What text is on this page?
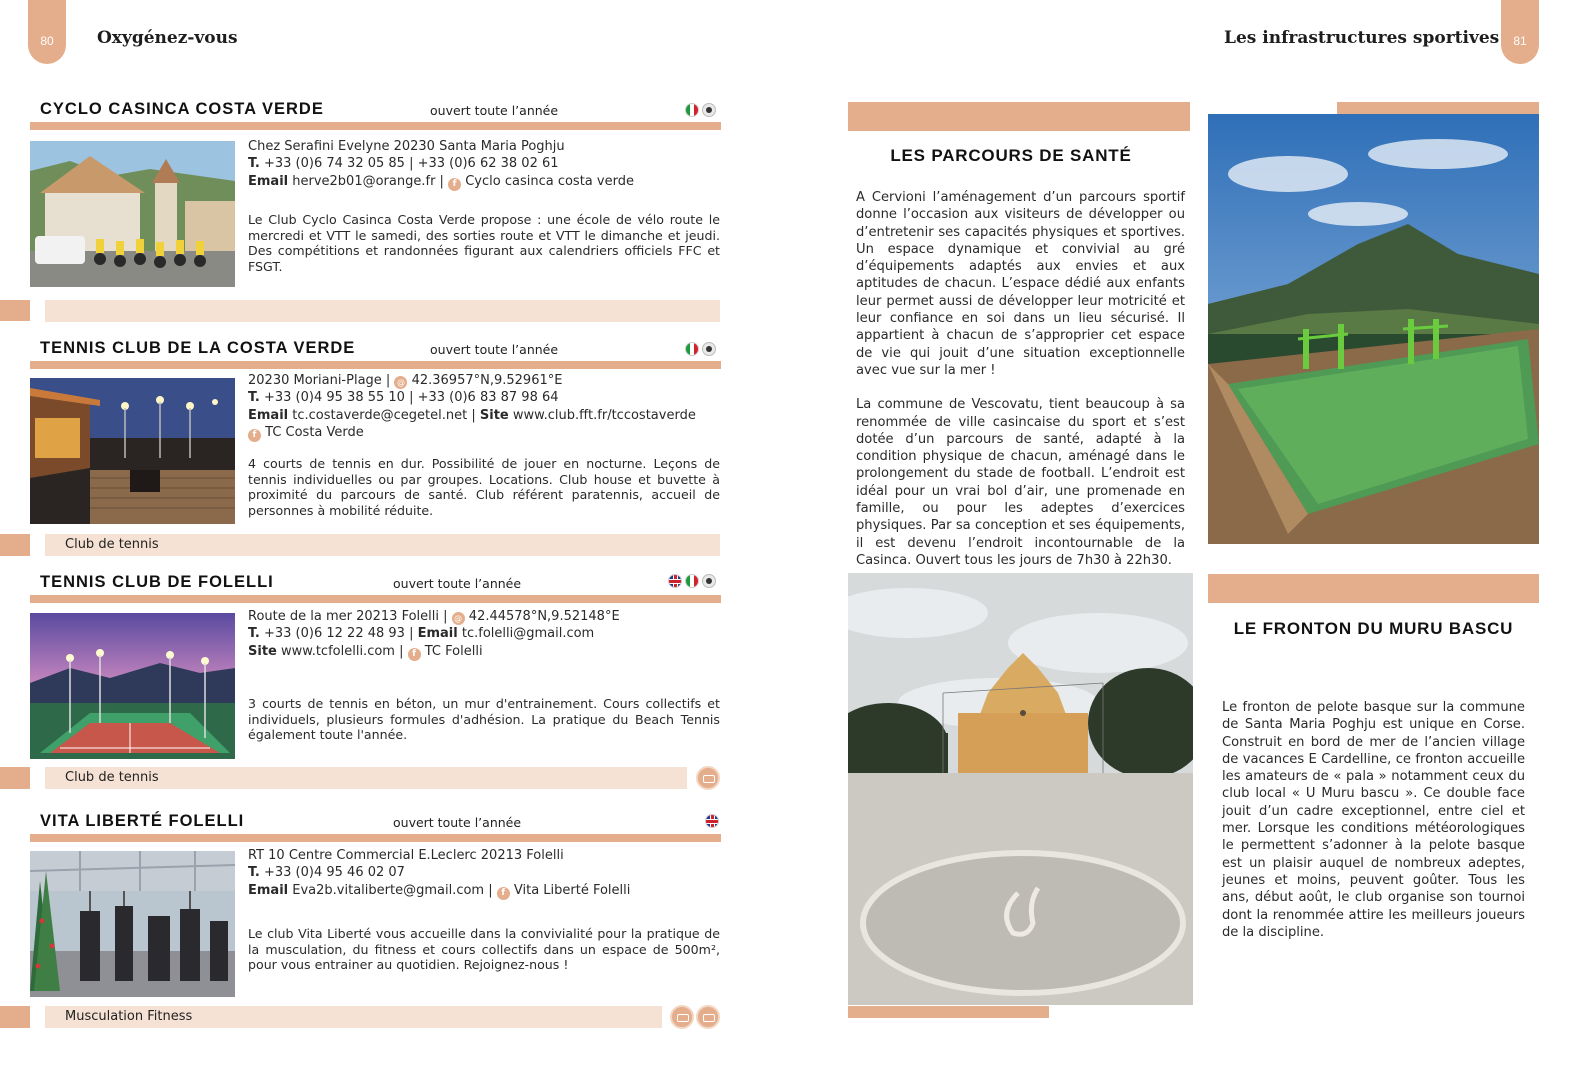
80	Oxygénez-vous
CYCLO CASINCA COSTA VERDE	ouvert toute l’année
Chez Serafini Evelyne 20230 Santa Maria Poghju
T. +33 (0)6 74 32 05 85 | +33 (0)6 62 38 02 61
Email herve2b01@orange.fr | f Cyclo casinca costa verde
Le Club Cyclo Casinca Costa Verde propose : une école de vélo route le mercredi et VTT le samedi, des sorties route et VTT le dimanche et jeudi. Des compétitions et randonnées figurant aux calendriers officiels FFC et FSGT.
TENNIS CLUB DE LA COSTA VERDE	ouvert toute l’année
20230 Moriani-Plage | @ 42.36957°N,9.52961°E
T. +33 (0)4 95 38 55 10 | +33 (0)6 83 87 98 64
Email tc.costaverde@cegetel.net | Site www.club.fft.fr/tccostaverde
f TC Costa Verde
4 courts de tennis en dur. Possibilité de jouer en nocturne. Leçons de tennis individuelles ou par groupes. Locations. Club house et buvette à proximité du parcours de santé. Club référent paratennis, accueil de personnes à mobilité réduite.
Club de tennis
TENNIS CLUB DE FOLELLI	ouvert toute l’année
Route de la mer 20213 Folelli | @ 42.44578°N,9.52148°E
T. +33 (0)6 12 22 48 93 | Email tc.folelli@gmail.com
Site www.tcfolelli.com | f TC Folelli
3 courts de tennis en béton, un mur d'entrainement. Cours collectifs et individuels, plusieurs formules d'adhésion. La pratique du Beach Tennis également toute l'année.
Club de tennis
VITA LIBERTÉ FOLELLI	ouvert toute l’année
RT 10 Centre Commercial E.Leclerc 20213 Folelli
T. +33 (0)4 95 46 02 07
Email Eva2b.vitaliberte@gmail.com | f Vita Liberté Folelli
Le club Vita Liberté vous accueille dans la convivialité pour la pratique de la musculation, du fitness et cours collectifs dans un espace de 500m², pour vous entrainer au quotidien. Rejoignez-nous !
Musculation Fitness
Les infrastructures sportives 81
LES PARCOURS DE SANTÉ

A Cervioni l’aménagement d’un parcours sportif donne l’occasion aux visiteurs de développer ou d’entretenir ses capacités physiques et sportives. Un espace dynamique et convivial au gré d’équipements adaptés aux envies et aux aptitudes de chacun. L’espace dédié aux enfants leur permet aussi de développer leur motricité et leur confiance en soi dans un lieu sécurisé. Il appartient à chacun de s’approprier cet espace de vie qui jouit d’une situation exceptionnelle avec vue sur la mer !

La commune de Vescovatu, tient beaucoup à sa renommée de ville casincaise du sport et s’est dotée d’un parcours de santé, adapté à la condition physique de chacun, aménagé dans le prolongement du stade de football. L’endroit est idéal pour un vrai bol d’air, une promenade en famille, ou pour les adeptes d’exercices physiques. Par sa conception et ses équipements, il est devenu l’endroit incontournable de la Casinca. Ouvert tous les jours de 7h30 à 22h30.

LE FRONTON DU MURU BASCU

Le fronton de pelote basque sur la commune de Santa Maria Poghju est unique en Corse. Construit en bord de mer de l’ancien village de vacances E Cardelline, ce fronton accueille les amateurs de « pala » notamment ceux du club local « U Muru bascu ». Ce double face jouit d’un cadre exceptionnel, entre ciel et mer. Lorsque les conditions météorologiques le permettent s’adonner à la pelote basque est un plaisir auquel de nombreux adeptes, jeunes et moins, peuvent goûter. Tous les ans, début août, le club organise son tournoi dont la renommée attire les meilleurs joueurs de la discipline.
